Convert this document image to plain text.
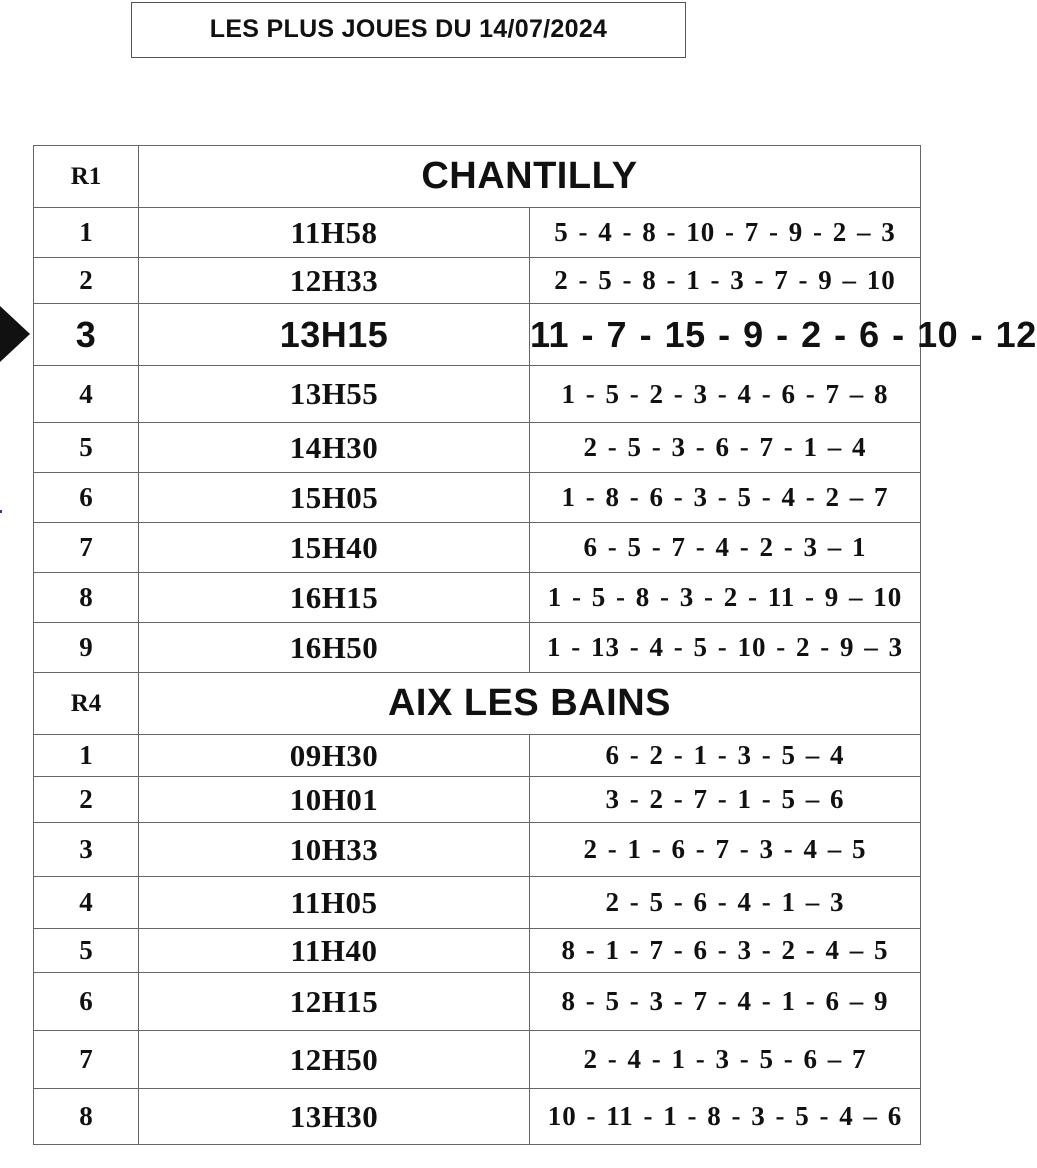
LES PLUS JOUES DU 14/07/2024
R1	CHANTILLY	
1	11H58	5 - 4 - 8 - 10 - 7 - 9 - 2 – 3
2	12H33	2 - 5 - 8 - 1 - 3 - 7 - 9 – 10
3	13H15	11 - 7 - 15 - 9 - 2 - 6 - 10 - 12
4	13H55	1 - 5 - 2 - 3 - 4 - 6 - 7 – 8
5	14H30	2 - 5 - 3 - 6 - 7 - 1 – 4
6	15H05	1 - 8 - 6 - 3 - 5 - 4 - 2 – 7
7	15H40	6 - 5 - 7 - 4 - 2 - 3 – 1
8	16H15	1 - 5 - 8 - 3 - 2 - 11 - 9 – 10
9	16H50	1 - 13 - 4 - 5 - 10 - 2 - 9 – 3
R4	AIX LES BAINS	
1	09H30	6 - 2 - 1 - 3 - 5 – 4
2	10H01	3 - 2 - 7 - 1 - 5 – 6
3	10H33	2 - 1 - 6 - 7 - 3 - 4 – 5
4	11H05	2 - 5 - 6 - 4 - 1 – 3
5	11H40	8 - 1 - 7 - 6 - 3 - 2 - 4 – 5
6	12H15	8 - 5 - 3 - 7 - 4 - 1 - 6 – 9
7	12H50	2 - 4 - 1 - 3 - 5 - 6 – 7
8	13H30	10 - 11 - 1 - 8 - 3 - 5 - 4 – 6
